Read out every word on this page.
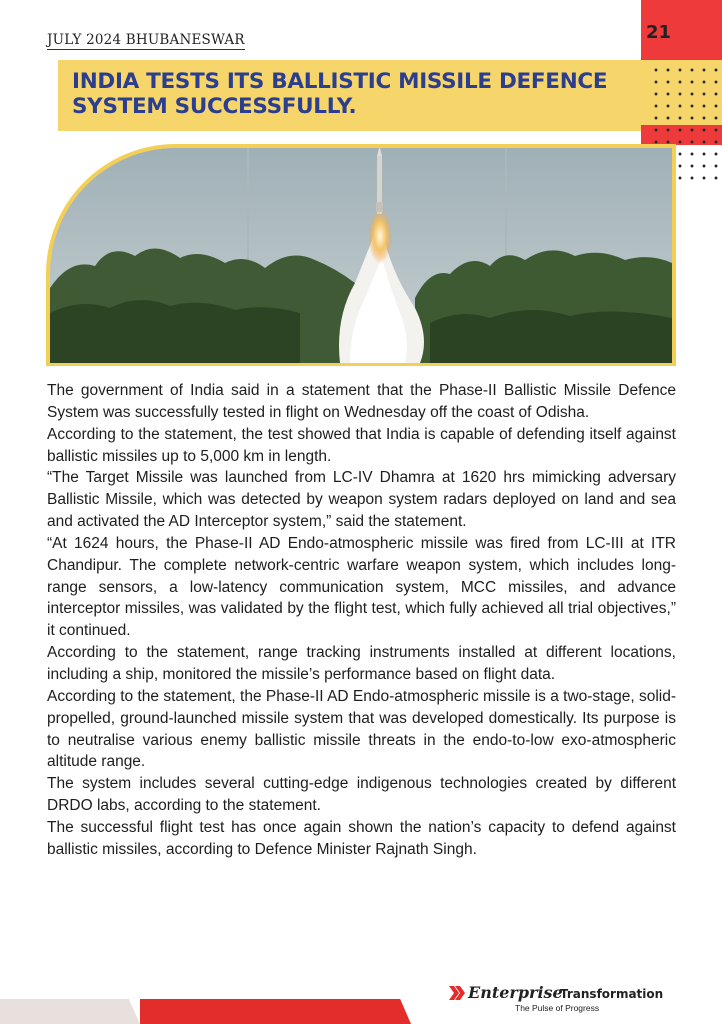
JULY 2024 BHUBANESWAR	21
INDIA TESTS ITS BALLISTIC MISSILE DEFENCE SYSTEM SUCCESSFULLY.

The government of India said in a statement that the Phase-II Ballistic Missile Defence System was successfully tested in flight on Wednesday off the coast of Odisha.

According to the statement, the test showed that India is capable of defending itself against ballistic missiles up to 5,000 km in length.

“The Target Missile was launched from LC-IV Dhamra at 1620 hrs mimicking adversary Ballistic Missile, which was detected by weapon system radars deployed on land and sea and activated the AD Interceptor system,” said the statement.

“At 1624 hours, the Phase-II AD Endo-atmospheric missile was fired from LC-III at ITR Chandipur. The complete network-centric warfare weapon system, which includes long-range sensors, a low-latency communication system, MCC missiles, and advance interceptor missiles, was validated by the flight test, which fully achieved all trial objectives,” it continued.

According to the statement, range tracking instruments installed at different locations, including a ship, monitored the missile’s performance based on flight data.

According to the statement, the Phase-II AD Endo-atmospheric missile is a two-stage, solid-propelled, ground-launched missile system that was developed domestically. Its purpose is to neutralise various enemy ballistic missile threats in the endo-to-low exo-atmospheric altitude range.

The system includes several cutting-edge indigenous technologies created by different DRDO labs, according to the statement.

The successful flight test has once again shown the nation’s capacity to defend against ballistic missiles, according to Defence Minister Rajnath Singh.

Enterprise
Transformation
The Pulse of Progress
